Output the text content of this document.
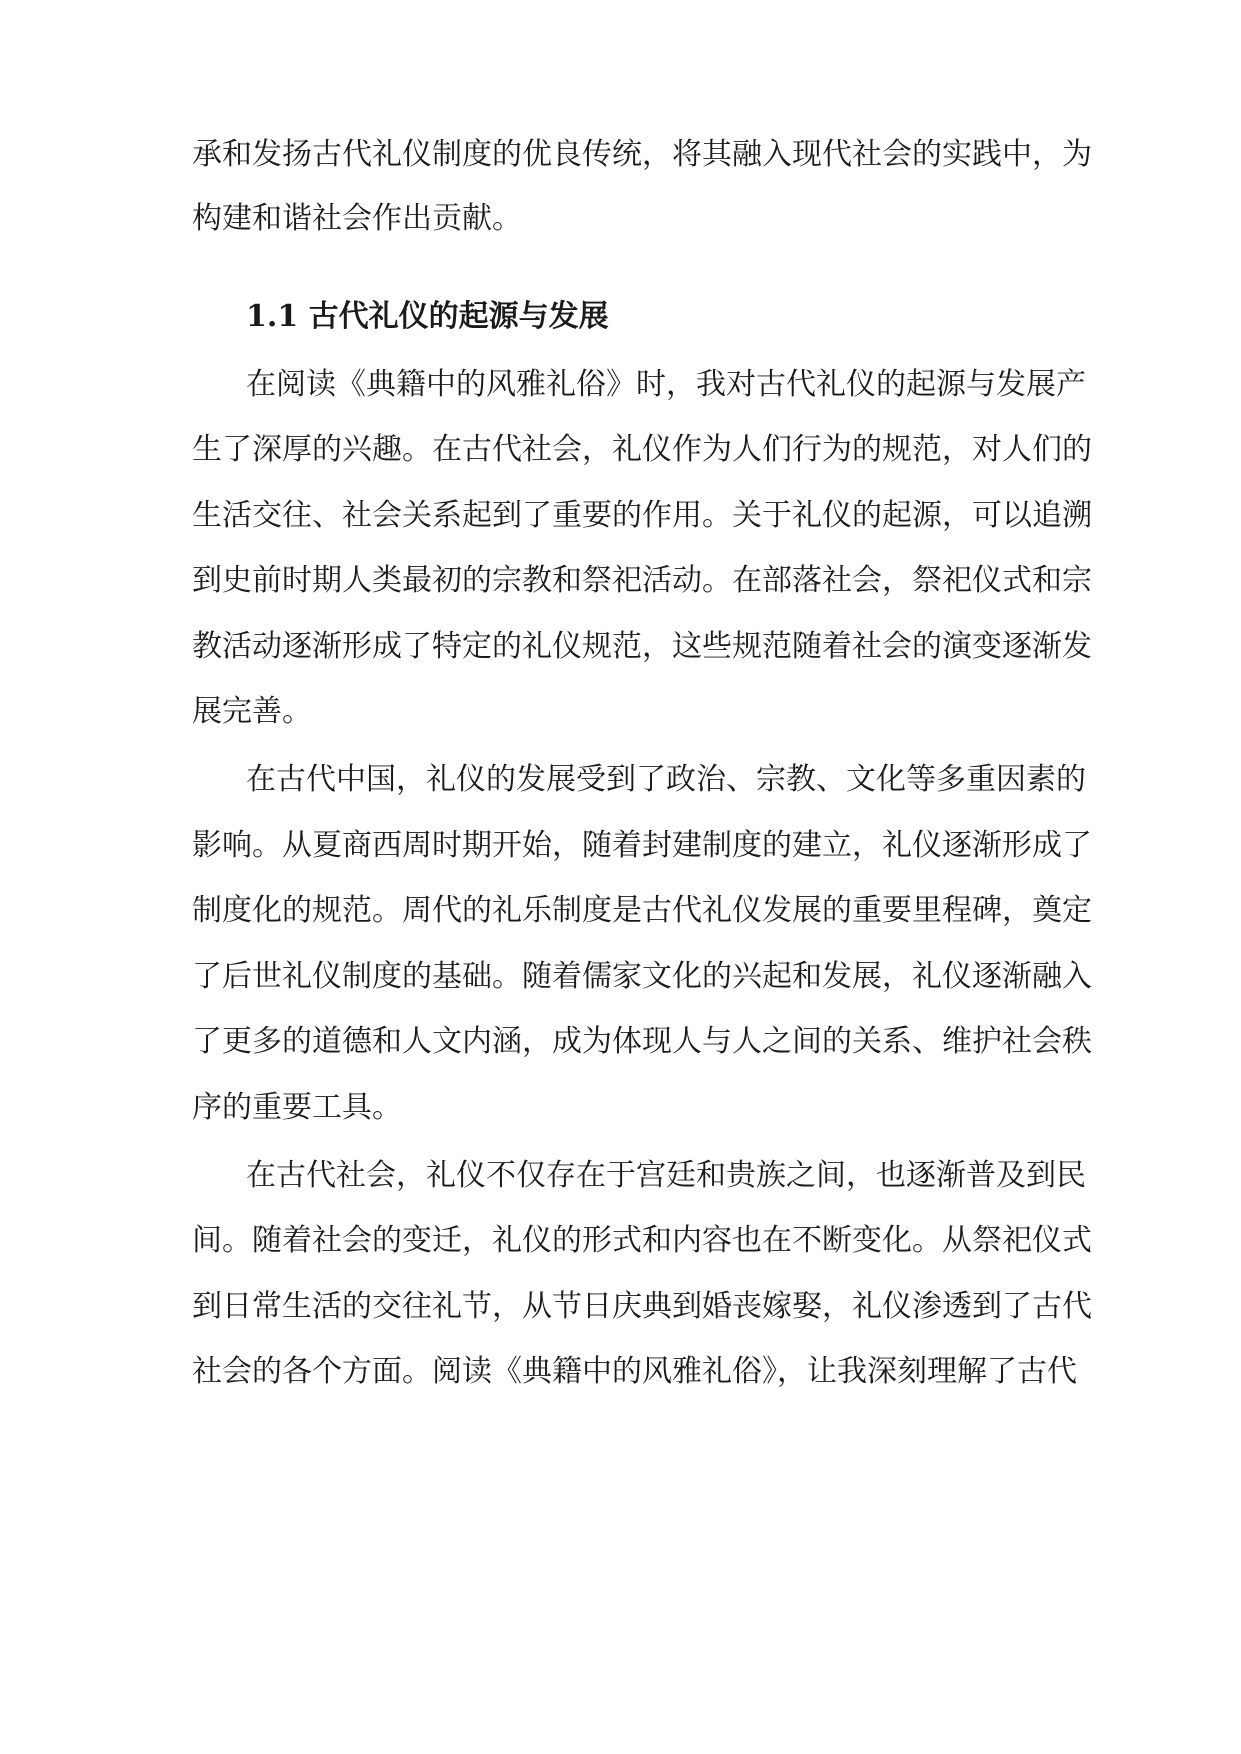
承和发扬古代礼仪制度的优良传统，将其融入现代社会的实践中，为
构建和谐社会作出贡献。
1.1 古代礼仪的起源与发展
在阅读《典籍中的风雅礼俗》时，我对古代礼仪的起源与发展产
生了深厚的兴趣。在古代社会，礼仪作为人们行为的规范，对人们的
生活交往、社会关系起到了重要的作用。关于礼仪的起源，可以追溯
到史前时期人类最初的宗教和祭祀活动。在部落社会，祭祀仪式和宗
教活动逐渐形成了特定的礼仪规范，这些规范随着社会的演变逐渐发
展完善。
在古代中国，礼仪的发展受到了政治、宗教、文化等多重因素的
影响。从夏商西周时期开始，随着封建制度的建立，礼仪逐渐形成了
制度化的规范。周代的礼乐制度是古代礼仪发展的重要里程碑，奠定
了后世礼仪制度的基础。随着儒家文化的兴起和发展，礼仪逐渐融入
了更多的道德和人文内涵，成为体现人与人之间的关系、维护社会秩
序的重要工具。
在古代社会，礼仪不仅存在于宫廷和贵族之间，也逐渐普及到民
间。随着社会的变迁，礼仪的形式和内容也在不断变化。从祭祀仪式
到日常生活的交往礼节，从节日庆典到婚丧嫁娶，礼仪渗透到了古代
社会的各个方面。阅读《典籍中的风雅礼俗》，让我深刻理解了古代
